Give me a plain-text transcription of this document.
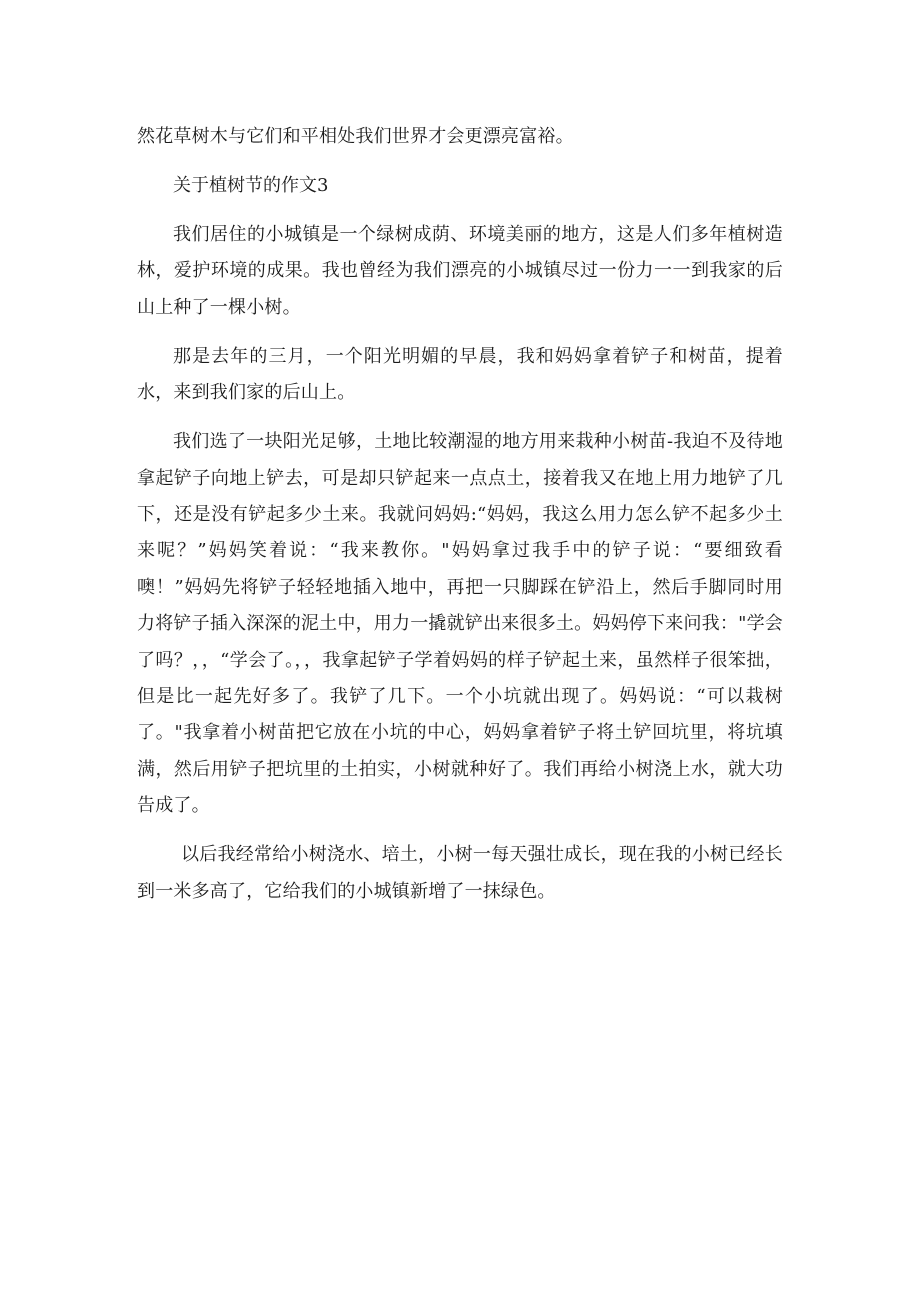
然花草树木与它们和平相处我们世界才会更漂亮富裕。

关于植树节的作文3

我们居住的小城镇是一个绿树成荫、环境美丽的地方，这是人们多年植树造林，爱护环境的成果。我也曾经为我们漂亮的小城镇尽过一份力一一到我家的后山上种了一棵小树。

那是去年的三月，一个阳光明媚的早晨，我和妈妈拿着铲子和树苗，提着水，来到我们家的后山上。

我们选了一块阳光足够，土地比较潮湿的地方用来栽种小树苗-我迫不及待地拿起铲子向地上铲去，可是却只铲起来一点点土，接着我又在地上用力地铲了几下，还是没有铲起多少土来。我就问妈妈:“妈妈，我这么用力怎么铲不起多少土来呢？”妈妈笑着说：“我来教你。"妈妈拿过我手中的铲子说：“要细致看噢！”妈妈先将铲子轻轻地插入地中，再把一只脚踩在铲沿上，然后手脚同时用力将铲子插入深深的泥土中，用力一撬就铲出来很多土。妈妈停下来问我："学会了吗？，，“学会了。，，我拿起铲子学着妈妈的样子铲起土来，虽然样子很笨拙，但是比一起先好多了。我铲了几下。一个小坑就出现了。妈妈说：“可以栽树了。"我拿着小树苗把它放在小坑的中心，妈妈拿着铲子将土铲回坑里，将坑填满，然后用铲子把坑里的土拍实，小树就种好了。我们再给小树浇上水，就大功告成了。

以后我经常给小树浇水、培土，小树一每天强壮成长，现在我的小树已经长到一米多高了，它给我们的小城镇新增了一抹绿色。
